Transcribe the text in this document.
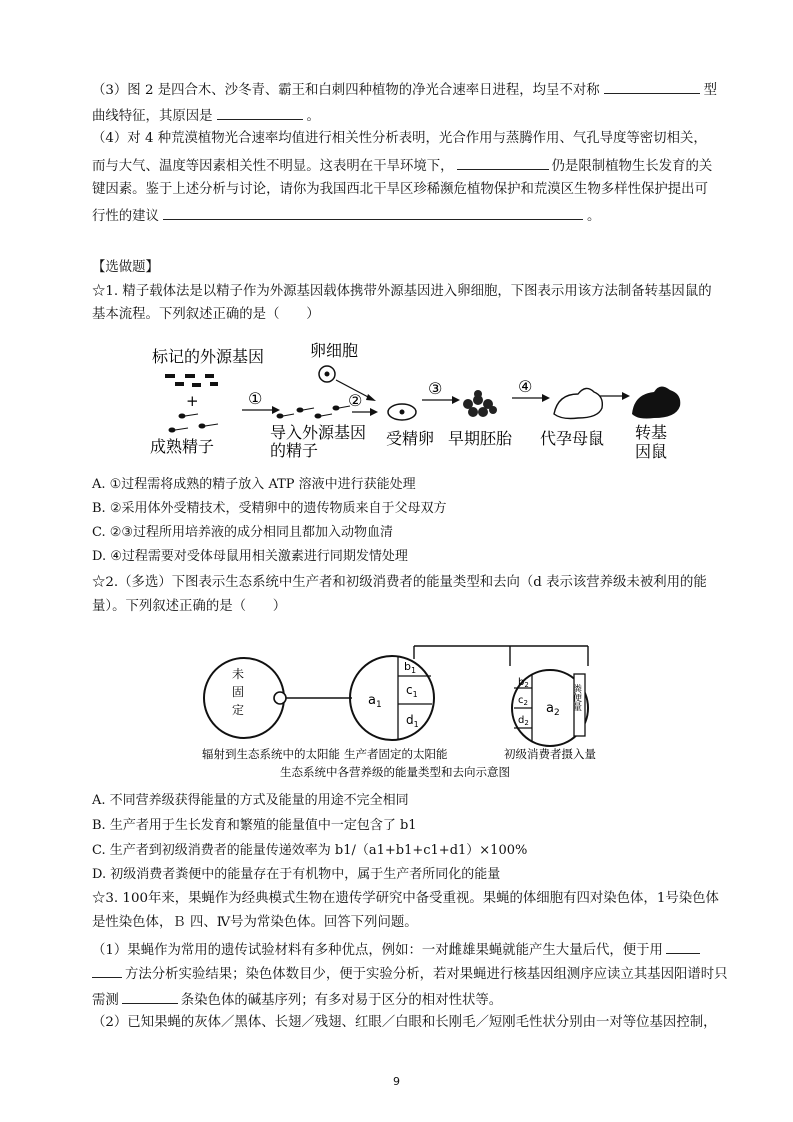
（3）图 2 是四合木、沙冬青、霸王和白刺四种植物的净光合速率日进程，均呈不对称	型
曲线特征，其原因是	。
（4）对 4 种荒漠植物光合速率均值进行相关性分析表明，光合作用与蒸腾作用、气孔导度等密切相关，
而与大气、温度等因素相关性不明显。这表明在干旱环境下，	仍是限制植物生长发育的关
键因素。鉴于上述分析与讨论，请你为我国西北干旱区珍稀濒危植物保护和荒漠区生物多样性保护提出可
行性的建议	。
【选做题】
☆1. 精子载体法是以精子作为外源基因载体携带外源基因进入卵细胞，下图表示用该方法制备转基因鼠的
基本流程。下列叙述正确的是（　　）
标记的外源基因
+
成熟精子
①
导入外源基因
的精子
卵细胞
②
受精卵
③
早期胚胎
④
代孕母鼠 转基
因鼠
A. ①过程需将成熟的精子放入 ATP 溶液中进行获能处理
B. ②采用体外受精技术，受精卵中的遗传物质来自于父母双方
C. ②③过程所用培养液的成分相同且都加入动物血清
D. ④过程需要对受体母鼠用相关激素进行同期发情处理
☆2.（多选）下图表示生态系统中生产者和初级消费者的能量类型和去向（d 表示该营养级未被利用的能
量）。下列叙述正确的是（　　）
未
固
定
$a_1$
$b_1$
$c_1$
$d_1$
$b_2$
$c_2$
$d_2$
$a_2$
粪便量
辐射到生态系统中的太阳能 生产者固定的太阳能	初级消费者摄入量
生态系统中各营养级的能量类型和去向示意图
A. 不同营养级获得能量的方式及能量的用途不完全相同
B. 生产者用于生长发育和繁殖的能量值中一定包含了 b1
C. 生产者到初级消费者的能量传递效率为 b1/（a1+b1+c1+d1）×100%
D. 初级消费者粪便中的能量存在于有机物中，属于生产者所同化的能量
☆3. 100年来，果蝇作为经典模式生物在遗传学研究中备受重视。果蝇的体细胞有四对染色体，1号染色体
是性染色体，Ｂ 四、Ⅳ号为常染色体。回答下列问题。
（1）果蝇作为常用的遗传试验材料有多种优点，例如：一对雌雄果蝇就能产生大量后代，便于用
方法分析实验结果；染色体数目少，便于实验分析，若对果蝇进行核基因组测序应读立其基因阳谱时只
需测	条染色体的碱基序列；有多对易于区分的相对性状等。
（2）已知果蝇的灰体／黑体、长翅／残翅、红眼／白眼和长刚毛／短刚毛性状分别由一对等位基因控制，
9
